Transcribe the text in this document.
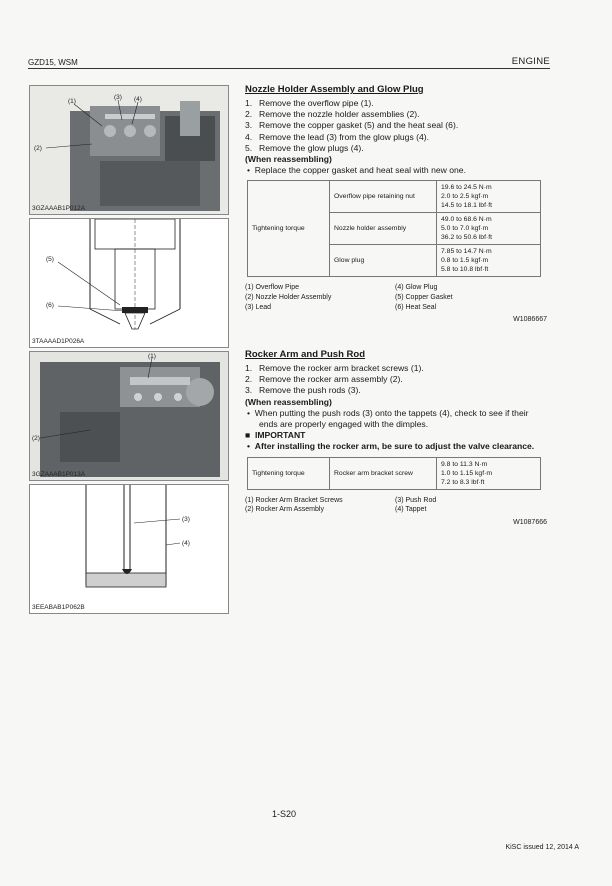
GZD15, WSM	ENGINE
(1)
(3) (4)
(2)
3GZAAAB1P012A
(5)
(6)
3TAAAAD1P026A
(1)
(2)
3GZAAAB1P013A
(3)
(4)
3EEABAB1P062B
Nozzle Holder Assembly and Glow Plug
1. Remove the overflow pipe (1).
2. Remove the nozzle holder assemblies (2).
3. Remove the copper gasket (5) and the heat seal (6).
4. Remove the lead (3) from the glow plugs (4).
5. Remove the glow plugs (4).
(When reassembling)
•  Replace the copper gasket and heat seal with new one.
Tightening torque	Overflow pipe retaining nut	19.6 to 24.5 N·m
2.0 to 2.5 kgf·m
14.5 to 18.1 lbf·ft

	Nozzle holder assembly	49.0 to 68.6 N·m
5.0 to 7.0 kgf·m
36.2 to 50.6 lbf·ft

	Glow plug	7.85 to 14.7 N·m
0.8 to 1.5 kgf·m
5.8 to 10.8 lbf·ft
(1) Overflow Pipe	(4) Glow Plug
(2) Nozzle Holder Assembly	(5) Copper Gasket
(3) Lead	(6) Heat Seal
W1086667
Rocker Arm and Push Rod
1. Remove the rocker arm bracket screws (1).
2. Remove the rocker arm assembly (2).
3. Remove the push rods (3).
(When reassembling)
•  When putting the push rods (3) onto the tappets (4), check to see if their ends are properly engaged with the dimples.
■  IMPORTANT
•  After installing the rocker arm, be sure to adjust the valve clearance.
Tightening torque	Rocker arm bracket screw	
9.8 to 11.3 N·m
1.0 to 1.15 kgf·m
7.2 to 8.3 lbf·ft
(1) Rocker Arm Bracket Screws	(3) Push Rod
(2) Rocker Arm Assembly	(4) Tappet
W1087666
1-S20
KiSC issued 12, 2014 A
